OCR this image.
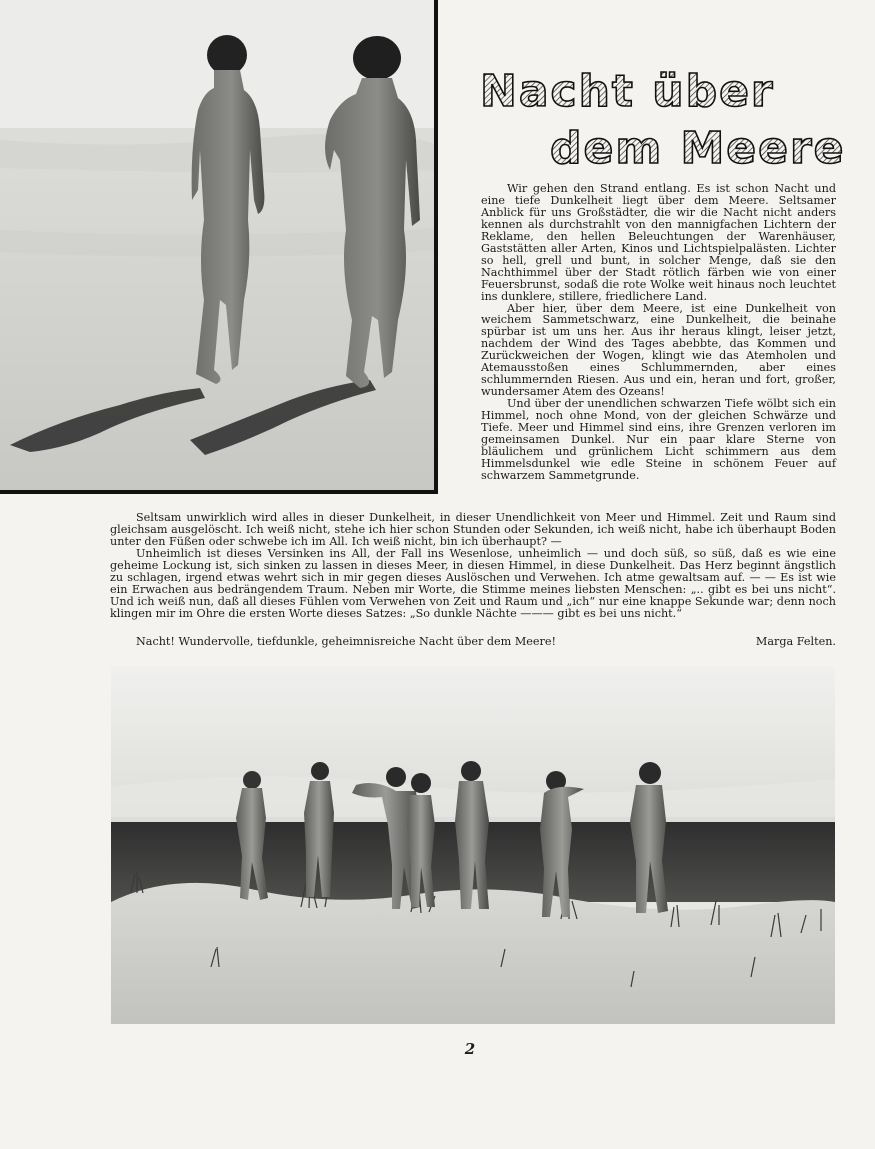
Nacht über
dem Meere

Wir gehen den Strand entlang. Es ist schon Nacht und eine tiefe Dunkelheit liegt über dem Meere. Seltsamer Anblick für uns Großstädter, die wir die Nacht nicht anders kennen als durchstrahlt von den mannigfachen Lichtern der Reklame, den hellen Beleuchtungen der Warenhäuser, Gaststätten aller Arten, Kinos und Lichtspielpalästen. Lichter so hell, grell und bunt, in solcher Menge, daß sie den Nachthimmel über der Stadt rötlich färben wie von einer Feuersbrunst, sodaß die rote Wolke weit hinaus noch leuchtet ins dunklere, stillere, friedlichere Land.

Aber hier, über dem Meere, ist eine Dunkelheit von weichem Sammetschwarz, eine Dunkelheit, die beinahe spürbar ist um uns her. Aus ihr heraus klingt, leiser jetzt, nachdem der Wind des Tages abebbte, das Kommen und Zurückweichen der Wogen, klingt wie das Atemholen und Atemausstoßen eines Schlummernden, aber eines schlummernden Riesen. Aus und ein, heran und fort, großer, wundersamer Atem des Ozeans!

Und über der unendlichen schwarzen Tiefe wölbt sich ein Himmel, noch ohne Mond, von der gleichen Schwärze und Tiefe. Meer und Himmel sind eins, ihre Grenzen verloren im gemeinsamen Dunkel. Nur ein paar klare Sterne von bläulichem und grünlichem Licht schimmern aus dem Himmelsdunkel wie edle Steine in schönem Feuer auf schwarzem Sammetgrunde.

Seltsam unwirklich wird alles in dieser Dunkelheit, in dieser Unendlichkeit von Meer und Himmel. Zeit und Raum sind gleichsam ausgelöscht. Ich weiß nicht, stehe ich hier schon Stunden oder Sekunden, ich weiß nicht, habe ich überhaupt Boden unter den Füßen oder schwebe ich im All. Ich weiß nicht, bin ich überhaupt? —

Unheimlich ist dieses Versinken ins All, der Fall ins Wesenlose, unheimlich — und doch süß, so süß, daß es wie eine geheime Lockung ist, sich sinken zu lassen in dieses Meer, in diesen Himmel, in diese Dunkelheit. Das Herz beginnt ängstlich zu schlagen, irgend etwas wehrt sich in mir gegen dieses Auslöschen und Verwehen. Ich atme gewaltsam auf. — — Es ist wie ein Erwachen aus bedrängendem Traum. Neben mir Worte, die Stimme meines liebsten Menschen: „.. gibt es bei uns nicht“. Und ich weiß nun, daß all dieses Fühlen vom Verwehen von Zeit und Raum und „ich“ nur eine knappe Sekunde war; denn noch klingen mir im Ohre die ersten Worte dieses Satzes: „So dunkle Nächte ——— gibt es bei uns nicht.“

Nacht! Wundervolle, tiefdunkle, geheimnisreiche Nacht über dem Meere!	Marga Felten.
2
